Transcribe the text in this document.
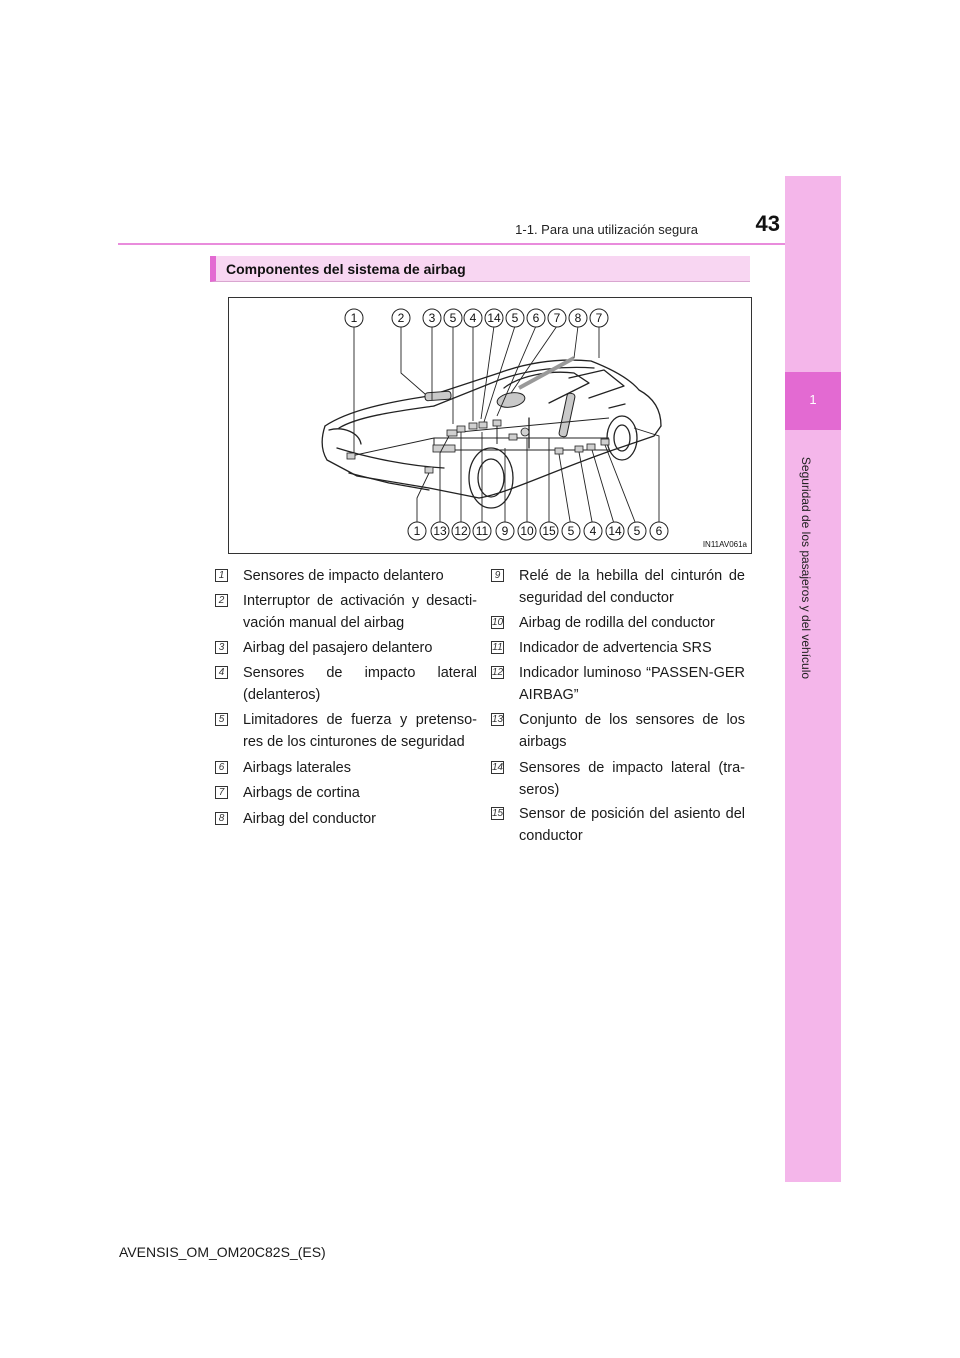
1
Seguridad de los pasajeros y del vehículo
1-1. Para una utilización segura	43
Componentes del sistema de airbag
1	2 3 5 4 14 5 6 7 8 7
1 13 12 11 9 10 15 5 4 14 5 6
IN11AV061a
1	Sensores de impacto delantero
2	Interruptor de activación y desacti-vación manual del airbag
3	Airbag del pasajero delantero
4	Sensores de impacto lateral (delanteros)
5	Limitadores de fuerza y pretenso-res de los cinturones de seguridad
6	Airbags laterales
7	Airbags de cortina
8	Airbag del conductor
9	Relé de la hebilla del cinturón de seguridad del conductor
10	Airbag de rodilla del conductor
11	Indicador de advertencia SRS
12	Indicador luminoso “PASSEN-GER AIRBAG”
13	Conjunto de los sensores de los airbags
14	Sensores de impacto lateral (tra-seros)
15	Sensor de posición del asiento del conductor
AVENSIS_OM_OM20C82S_(ES)
